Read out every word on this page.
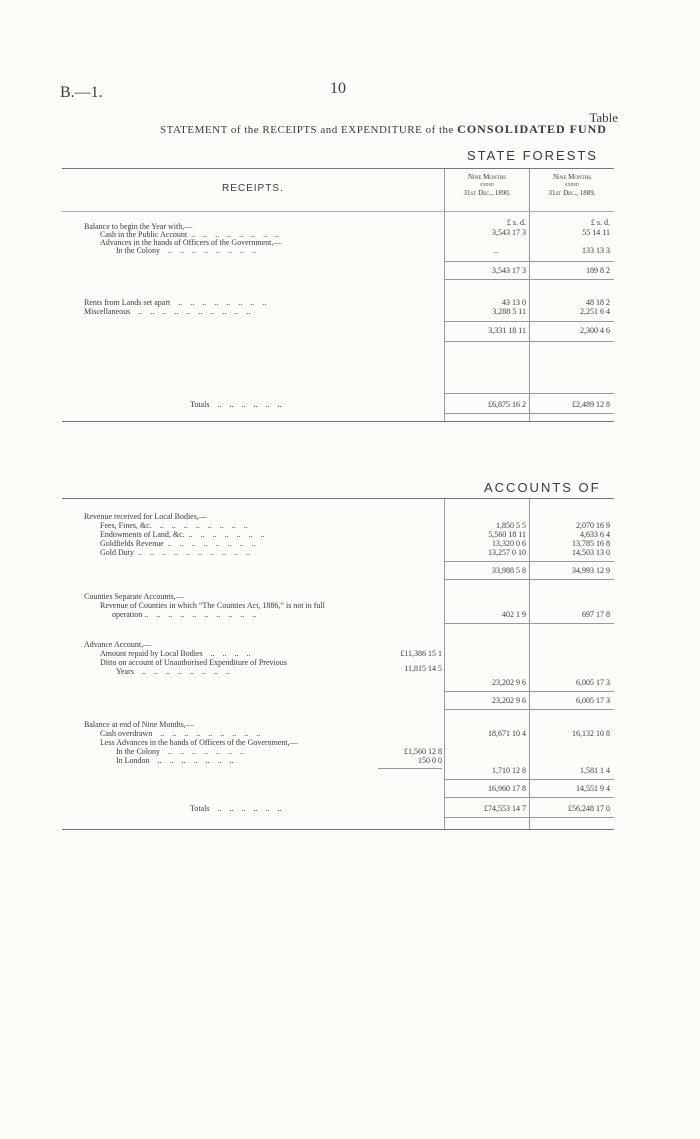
B.—1.	10
Table
STATEMENT of the RECEIPTS and EXPENDITURE of the CONSOLIDATED FUND
STATE FORESTS
RECEIPTS.
Nine Months
ended
31st Dec., 1890.
Nine Months
ended
31st Dec., 1889.
£ s. d.	£ s. d.
Balance to begin the Year with,—
Cash in the Public Account  ..    ..    ..    ..    ..    ..    ..    ..	3,543 17 3	55 14 11
Advances in the hands of Officers of the Government,—
In the Colony    ..    ..    ..    ..    ..    ..    ..    ..	..	133 13 3
3,543 17 3	189 8 2
Rents from Lands set apart    ..    ..    ..    ..    ..    ..    ..    ..	43 13 0	48 18 2
Miscellaneous    ..    ..    ..    ..    ..    ..    ..    ..    ..    ..	3,288 5 11	2,251 6 4
3,331 18 11	2,300 4 6
Totals    ..    ..    ..    ..    ..    ..	£6,875 16 2	£2,489 12 8
ACCOUNTS OF
Revenue received for Local Bodies,—
Fees, Fines, &c.    ..    ..    ..    ..    ..    ..    ..    ..	1,850 5 5	2,070 16 9
Endowments of Land, &c.  ..    ..    ..    ..    ..    ..    ..	5,560 18 11	4,633 6 4
Goldfields Revenue  ..    ..    ..    ..    ..    ..    ..    ..	13,320 0 6	13,785 16 8
Gold Duty  ..    ..    ..    ..    ..    ..    ..    ..    ..    ..	13,257 0 10	14,503 13 0
33,988 5 8	34,993 12 9
Counties Separate Accounts,—
Revenue of Counties in which “The Counties Act, 1886,” is not in full
operation ..    ..    ..    ..    ..    ..    ..    ..    ..    ..	402 1 9	697 17 8
Advance Account,—
Amount repaid by Local Bodies    ..    ..    ..    ..	£11,386 15 1
Ditto on account of Unauthorised Expenditure of Previous
Years    ..    ..    ..    ..    ..    ..    ..    ..	11,815 14 5
23,202 9 6	6,005 17 3
23,202 9 6	6,005 17 3
Balance at end of Nine Months,—
Cash overdrawn    ..    ..    ..    ..    ..    ..    ..    ..    ..	18,671 10 4	16,132 10 8
Less Advances in the hands of Officers of the Government,—
In the Colony    ..    ..    ..    ..    ..    ..    ..	£1,560 12 8
In London    ..    ..    ..    ..    ..    ..    ..	150 0 0
1,710 12 8	1,581 1 4
16,960 17 8	14,551 9 4
Totals    ..    ..    ..    ..    ..    ..	£74,553 14 7	£56,248 17 0
